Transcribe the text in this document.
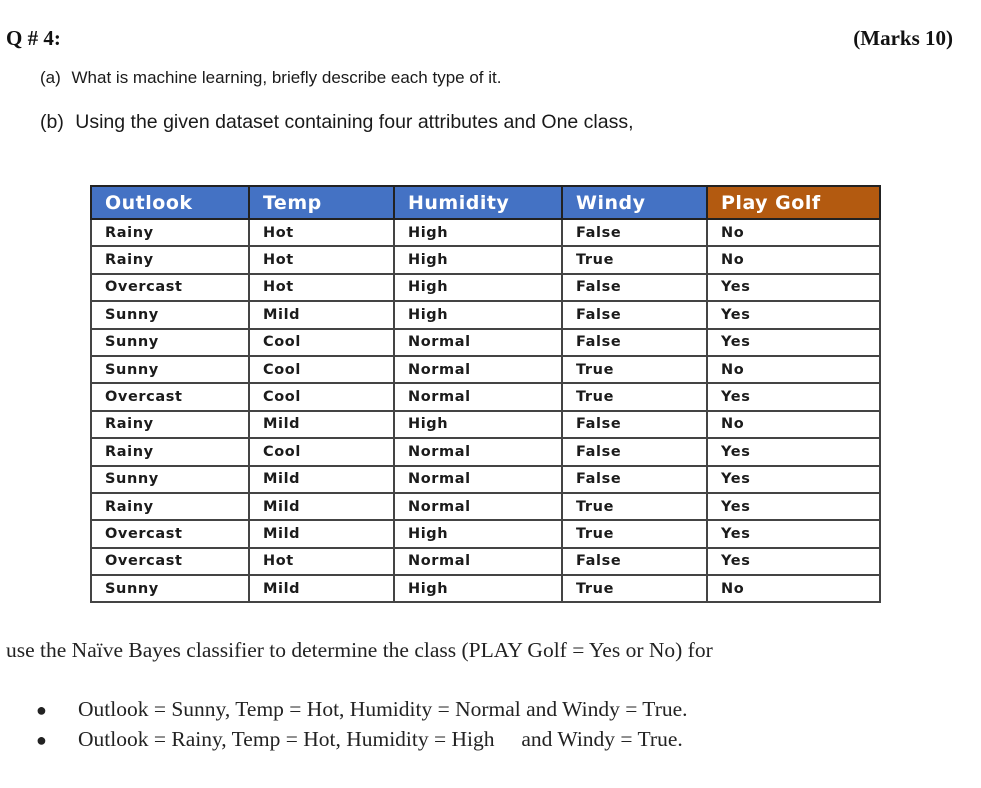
Q # 4:	(Marks 10)
(a) What is machine learning, briefly describe each type of it.
(b) Using the given dataset containing four attributes and One class,
Outlook	Temp	Humidity	Windy	Play Golf
Rainy	Hot	High	False	No
Rainy	Hot	High	True	No
Overcast	Hot	High	False	Yes
Sunny	Mild	High	False	Yes
Sunny	Cool	Normal	False	Yes
Sunny	Cool	Normal	True	No
Overcast	Cool	Normal	True	Yes
Rainy	Mild	High	False	No
Rainy	Cool	Normal	False	Yes
Sunny	Mild	Normal	False	Yes
Rainy	Mild	Normal	True	Yes
Overcast	Mild	High	True	Yes
Overcast	Hot	Normal	False	Yes
Sunny	Mild	High	True	No
use the Naïve Bayes classifier to determine the class (PLAY Golf = Yes or No) for
● Outlook = Sunny, Temp = Hot, Humidity = Normal and Windy = True.
● Outlook = Rainy, Temp = Hot, Humidity = High     and Windy = True.
